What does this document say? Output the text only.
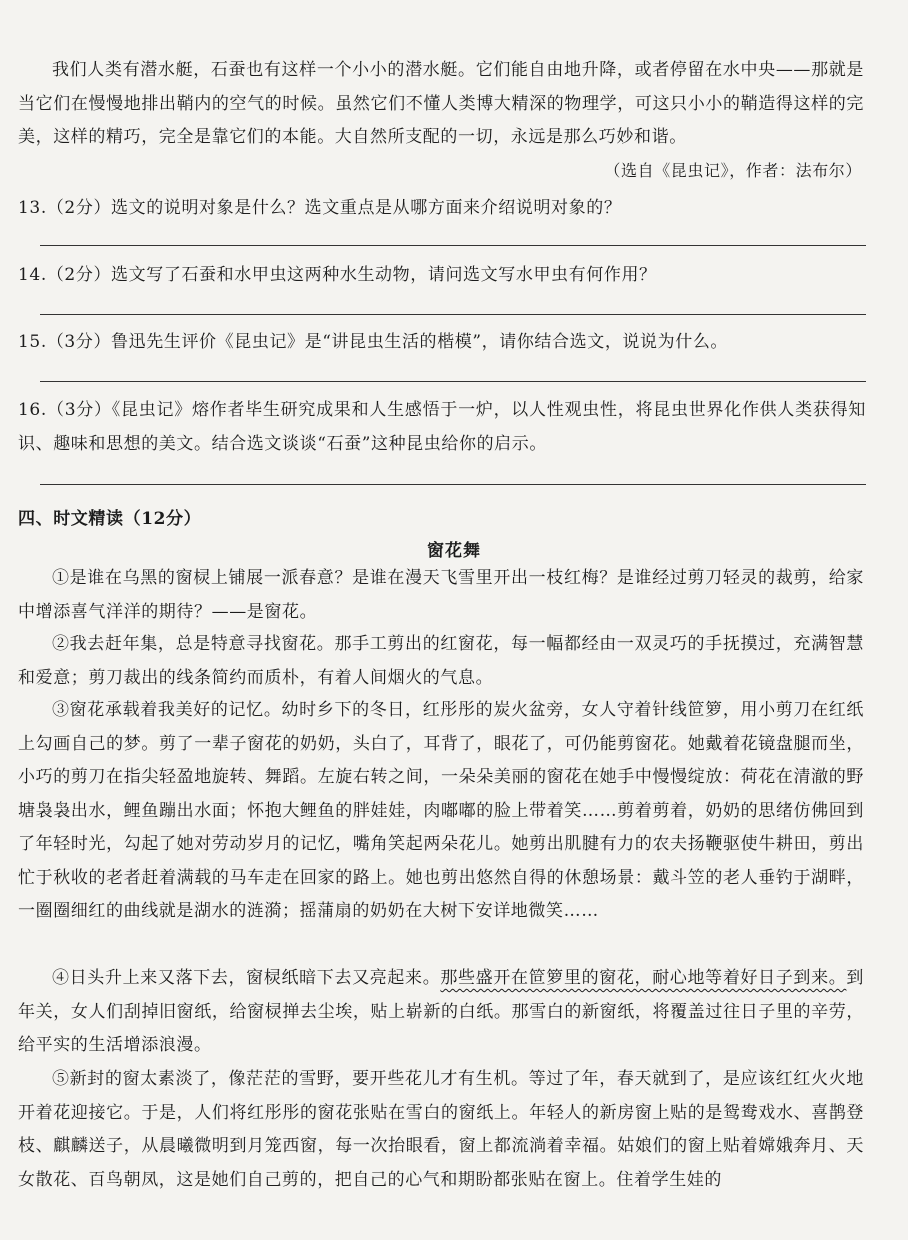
我们人类有潜水艇，石蚕也有这样一个小小的潜水艇。它们能自由地升降，或者停留在水中央——那就是当它们在慢慢地排出鞘内的空气的时候。虽然它们不懂人类博大精深的物理学，可这只小小的鞘造得这样的完美，这样的精巧，完全是靠它们的本能。大自然所支配的一切，永远是那么巧妙和谐。

（选自《昆虫记》，作者：法布尔）

13.（2分）选文的说明对象是什么？选文重点是从哪方面来介绍说明对象的？

14.（2分）选文写了石蚕和水甲虫这两种水生动物，请问选文写水甲虫有何作用？

15.（3分）鲁迅先生评价《昆虫记》是“讲昆虫生活的楷模”，请你结合选文，说说为什么。

16.（3分）《昆虫记》熔作者毕生研究成果和人生感悟于一炉，以人性观虫性，将昆虫世界化作供人类获得知识、趣味和思想的美文。结合选文谈谈“石蚕”这种昆虫给你的启示。

四、时文精读（12分）
窗花舞

①是谁在乌黑的窗棂上铺展一派春意？是谁在漫天飞雪里开出一枝红梅？是谁经过剪刀轻灵的裁剪，给家中增添喜气洋洋的期待？——是窗花。

②我去赶年集，总是特意寻找窗花。那手工剪出的红窗花，每一幅都经由一双灵巧的手抚摸过，充满智慧和爱意；剪刀裁出的线条简约而质朴，有着人间烟火的气息。

③窗花承载着我美好的记忆。幼时乡下的冬日，红彤彤的炭火盆旁，女人守着针线笸箩，用小剪刀在红纸上勾画自己的梦。剪了一辈子窗花的奶奶，头白了，耳背了，眼花了，可仍能剪窗花。她戴着花镜盘腿而坐，小巧的剪刀在指尖轻盈地旋转、舞蹈。左旋右转之间，一朵朵美丽的窗花在她手中慢慢绽放：荷花在清澈的野塘袅袅出水，鲤鱼蹦出水面；怀抱大鲤鱼的胖娃娃，肉嘟嘟的脸上带着笑……剪着剪着，奶奶的思绪仿佛回到了年轻时光，勾起了她对劳动岁月的记忆，嘴角笑起两朵花儿。她剪出肌腱有力的农夫扬鞭驱使牛耕田，剪出忙于秋收的老者赶着满载的马车走在回家的路上。她也剪出悠然自得的休憩场景：戴斗笠的老人垂钓于湖畔，一圈圈细红的曲线就是湖水的涟漪；摇蒲扇的奶奶在大树下安详地微笑……

④日头升上来又落下去，窗棂纸暗下去又亮起来。那些盛开在笸箩里的窗花，耐心地等着好日子到来。到年关，女人们刮掉旧窗纸，给窗棂掸去尘埃，贴上崭新的白纸。那雪白的新窗纸，将覆盖过往日子里的辛劳，给平实的生活增添浪漫。

⑤新封的窗太素淡了，像茫茫的雪野，要开些花儿才有生机。等过了年，春天就到了，是应该红红火火地开着花迎接它。于是，人们将红彤彤的窗花张贴在雪白的窗纸上。年轻人的新房窗上贴的是鸳鸯戏水、喜鹊登枝、麒麟送子，从晨曦微明到月笼西窗，每一次抬眼看，窗上都流淌着幸福。姑娘们的窗上贴着嫦娥奔月、天女散花、百鸟朝凤，这是她们自己剪的，把自己的心气和期盼都张贴在窗上。住着学生娃的
